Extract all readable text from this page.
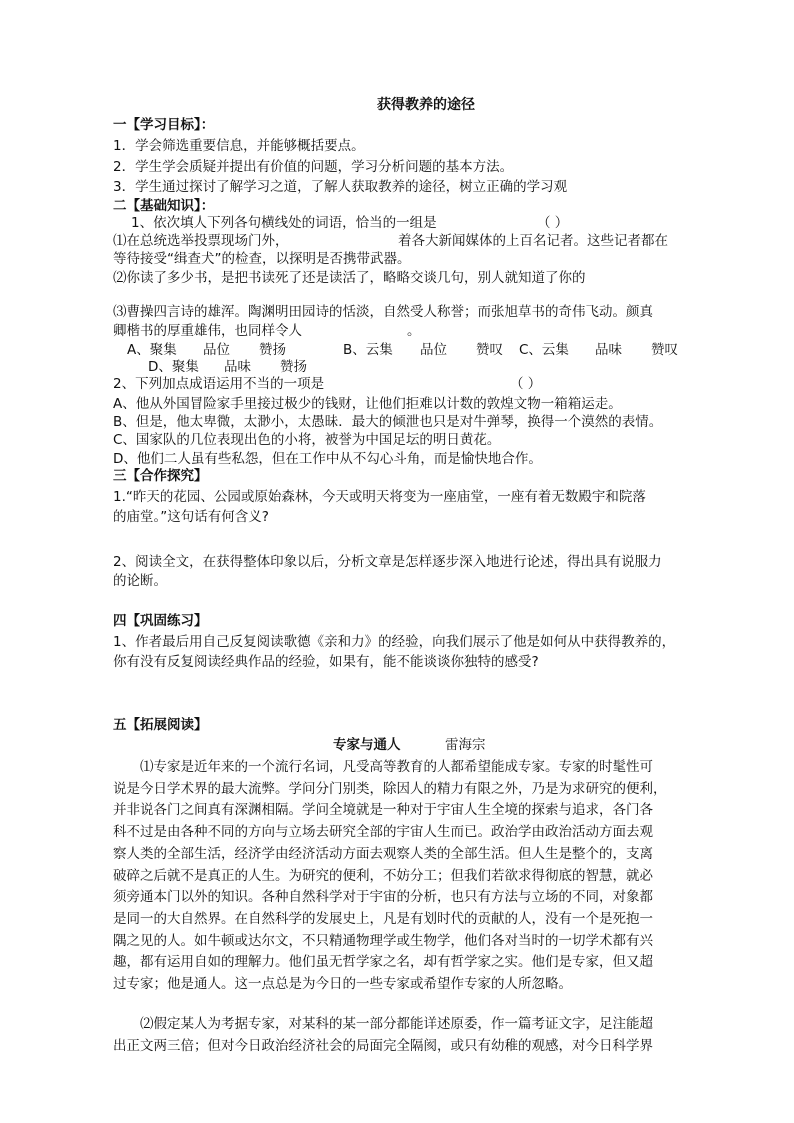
获得教养的途径
一【学习目标】：
1．学会筛选重要信息，并能够概括要点。
2．学生学会质疑并提出有价值的问题，学习分析问题的基本方法。
3．学生通过探讨了解学习之道，了解人获取教养的途径，树立正确的学习观
二【基础知识】：
1、依次填人下列各句横线处的词语，恰当的一组是	（ ）
⑴在总统选举投票现场门外，	着各大新闻媒体的上百名记者。这些记者都在
等待接受“缉查犬”的检查，以探明是否携带武器。
⑵你读了多少书，是把书读死了还是读活了，略略交谈几句，别人就知道了你的
⑶曹操四言诗的雄浑。陶渊明田园诗的恬淡，自然受人称誉；而张旭草书的奇伟飞动。颜真
卿楷书的厚重雄伟，也同样令人	。
A、聚集 品位 赞扬	B、云集 品位 赞叹 C、云集 品味 赞叹
D、聚集 品味 赞扬
2、下列加点成语运用不当的一项是	（ ）
A、他从外国冒险家手里接过极少的钱财，让他们拒难以计数的敦煌文物一箱箱运走。
B、但是，他太卑微，太渺小，太愚昧．最大的倾泄也只是对牛弹琴，换得一个漠然的表情。
C、国家队的几位表现出色的小将，被誉为中国足坛的明日黄花。
D、他们二人虽有些私怨，但在工作中从不勾心斗角，而是愉快地合作。
三【合作探究】
1.“昨天的花园、公园或原始森林，今天或明天将变为一座庙堂，一座有着无数殿宇和院落
的庙堂。”这句话有何含义?
2、阅读全文，在获得整体印象以后，分析文章是怎样逐步深入地进行论述，得出具有说服力
的论断。
四【巩固练习】
1、作者最后用自己反复阅读歌德《亲和力》的经验，向我们展示了他是如何从中获得教养的，
你有没有反复阅读经典作品的经验，如果有，能不能谈谈你独特的感受?
五【拓展阅读】
专家与通人	雷海宗
⑴专家是近年来的一个流行名词，凡受高等教育的人都希望能成专家。专家的时髦性可
说是今日学术界的最大流弊。学问分门别类，除因人的精力有限之外，乃是为求研究的便利，
并非说各门之间真有深渊相隔。学问全境就是一种对于宇宙人生全境的探索与追求，各门各
科不过是由各种不同的方向与立场去研究全部的宇宙人生而已。政治学由政治活动方面去观
察人类的全部生活，经济学由经济活动方面去观察人类的全部生活。但人生是整个的，支离
破碎之后就不是真正的人生。为研究的便利，不妨分工；但我们若欲求得彻底的智慧，就必
须旁通本门以外的知识。各种自然科学对于宇宙的分析，也只有方法与立场的不同，对象都
是同一的大自然界。在自然科学的发展史上，凡是有划时代的贡献的人，没有一个是死抱一
隅之见的人。如牛顿或达尔文，不只精通物理学或生物学，他们各对当时的一切学术都有兴
趣，都有运用自如的理解力。他们虽无哲学家之名，却有哲学家之实。他们是专家，但又超
过专家；他是通人。这一点总是为今日的一些专家或希望作专家的人所忽略。
⑵假定某人为考据专家，对某科的某一部分都能详述原委，作一篇考证文字，足注能超
出正文两三倍；但对今日政治经济社会的局面完全隔阂，或只有幼稚的观感，对今日科学界
